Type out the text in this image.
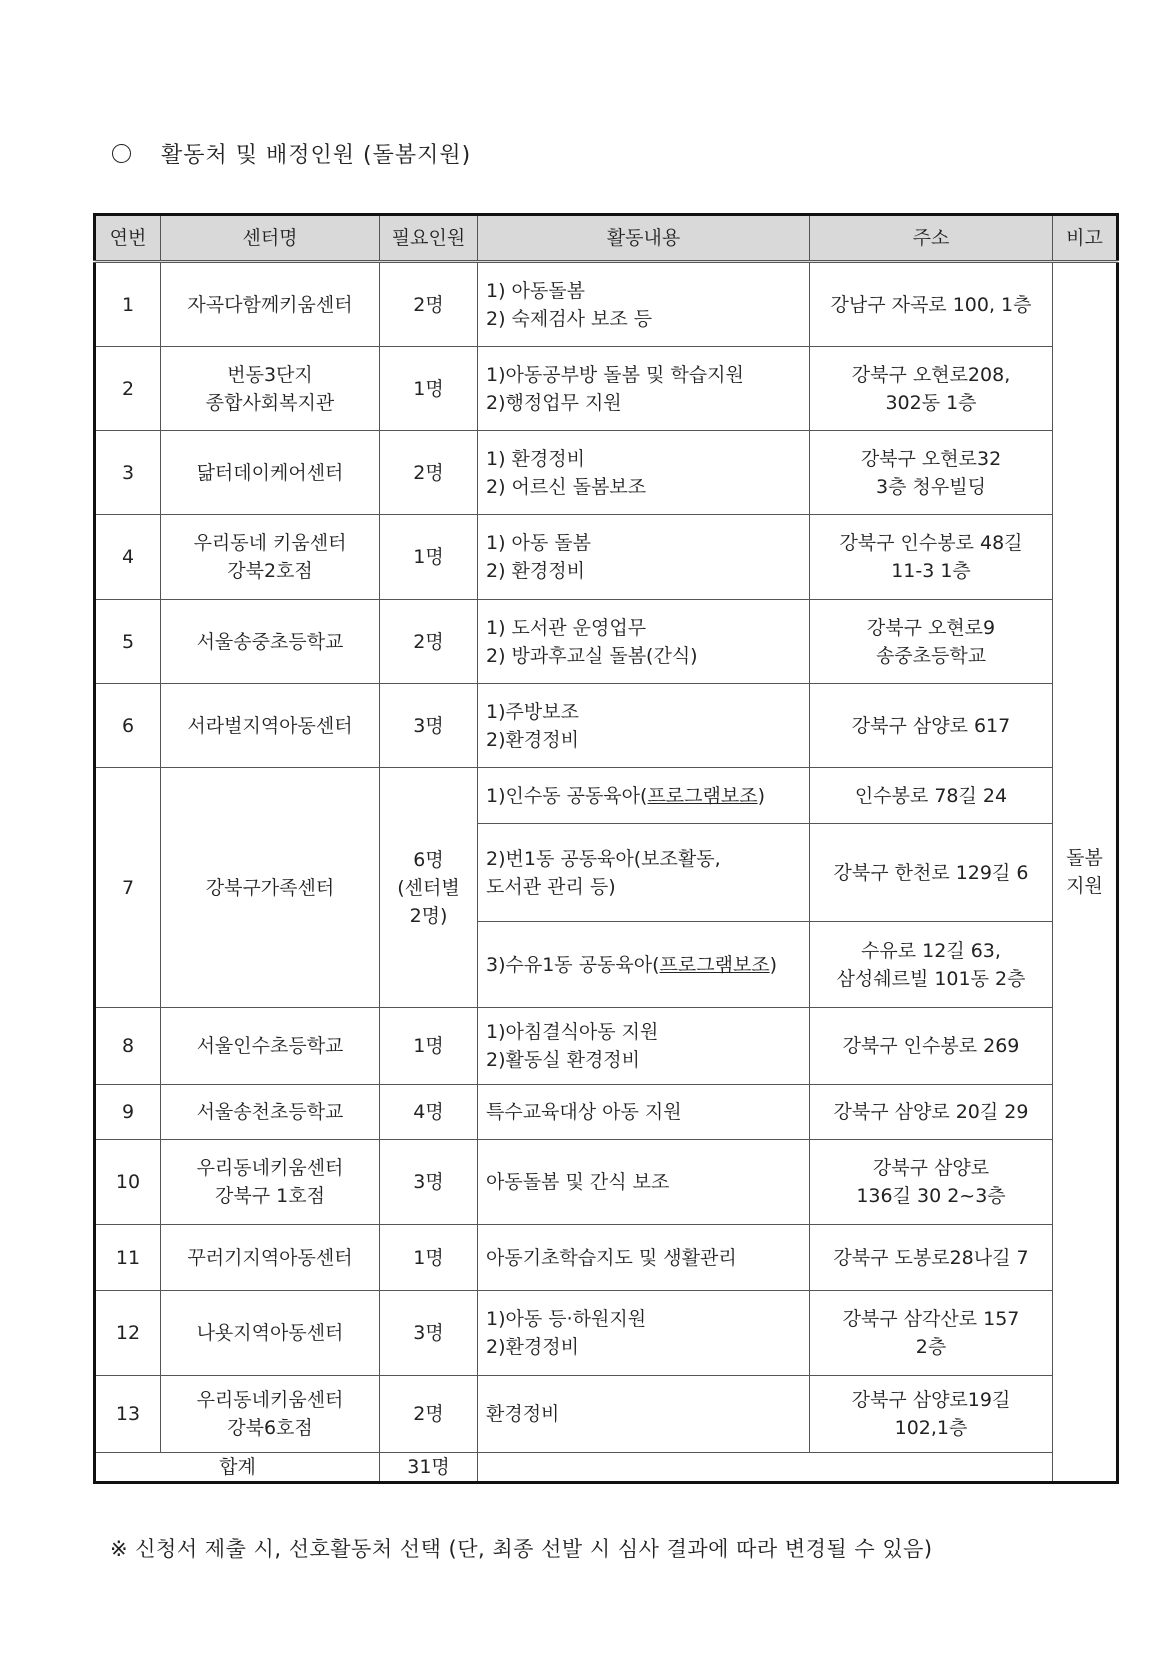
활동처 및 배정인원 (돌봄지원)
연번	센터명	필요인원	활동내용	주소	비고
1	자곡다함께키움센터	2명	1) 아동돌봄
2) 숙제검사 보조 등	강남구 자곡로 100, 1층	돌봄
지원

2	번동3단지
종합사회복지관	1명	1)아동공부방 돌봄 및 학습지원
2)행정업무 지원	강북구 오현로208,
302동 1층	

3	닮터데이케어센터	2명	1) 환경정비
2) 어르신 돌봄보조	강북구 오현로32
3층 청우빌딩	

4	우리동네 키움센터
강북2호점	1명	1) 아동 돌봄
2) 환경정비	강북구 인수봉로 48길
11-3 1층	

5	서울송중초등학교	2명	1) 도서관 운영업무
2) 방과후교실 돌봄(간식)	강북구 오현로9
송중초등학교	

6	서라벌지역아동센터	3명	1)주방보조
2)환경정비	강북구 삼양로 617	

7	강북구가족센터	6명
(센터별
2명)	1)인수동 공동육아(프로그램보조)	인수봉로 78길 24	

			2)번1동 공동육아(보조활동,
도서관 관리 등)	강북구 한천로 129길 6	

			3)수유1동 공동육아(프로그램보조)	수유로 12길 63,
삼성쉐르빌 101동 2층	

8	서울인수초등학교	1명	1)아침결식아동 지원
2)활동실 환경정비	강북구 인수봉로 269	

9	서울송천초등학교	4명	특수교육대상 아동 지원	강북구 삼양로 20길 29	

10	우리동네키움센터
강북구 1호점	3명	아동돌봄 및 간식 보조	강북구 삼양로
136길 30 2~3층	

11	꾸러기지역아동센터	1명	아동기초학습지도 및 생활관리	강북구 도봉로28나길 7	

12	나욧지역아동센터	3명	1)아동 등·하원지원
2)환경정비	강북구 삼각산로 157
2층	

13	우리동네키움센터
강북6호점	2명	환경정비	강북구 삼양로19길
102,1층	

합계		31명			
※ 신청서 제출 시, 선호활동처 선택 (단, 최종 선발 시 심사 결과에 따라 변경될 수 있음)
